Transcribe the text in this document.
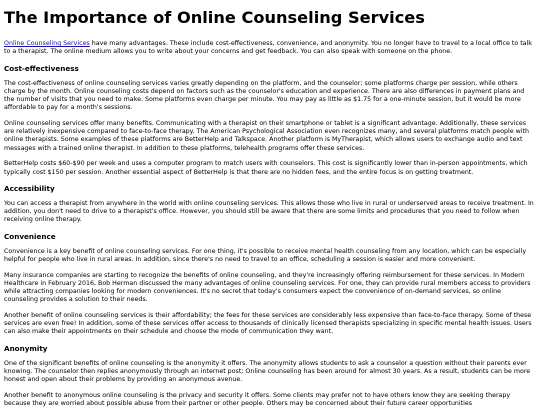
The Importance of Online Counseling Services

Online Counseling Services have many advantages. These include cost-effectiveness, convenience, and anonymity. You no longer have to travel to a local office to talk to a therapist. The online medium allows you to write about your concerns and get feedback. You can also speak with someone on the phone.

Cost-effectiveness

The cost-effectiveness of online counseling services varies greatly depending on the platform, and the counselor; some platforms charge per session, while others charge by the month. Online counseling costs depend on factors such as the counselor's education and experience. There are also differences in payment plans and the number of visits that you need to make. Some platforms even charge per minute. You may pay as little as $1.75 for a one-minute session, but it would be more affordable to pay for a month's sessions.

Online counseling services offer many benefits. Communicating with a therapist on their smartphone or tablet is a significant advantage. Additionally, these services are relatively inexpensive compared to face-to-face therapy. The American Psychological Association even recognizes many, and several platforms match people with online therapists. Some examples of these platforms are BetterHelp and Talkspace. Another platform is MyTherapist, which allows users to exchange audio and text messages with a trained online therapist. In addition to these platforms, telehealth programs offer these services.

BetterHelp costs $60-$90 per week and uses a computer program to match users with counselors. This cost is significantly lower than in-person appointments, which typically cost $150 per session. Another essential aspect of BetterHelp is that there are no hidden fees, and the entire focus is on getting treatment.

Accessibility

You can access a therapist from anywhere in the world with online counseling services. This allows those who live in rural or underserved areas to receive treatment. In addition, you don't need to drive to a therapist's office. However, you should still be aware that there are some limits and procedures that you need to follow when receiving online therapy.

Convenience

Convenience is a key benefit of online counseling services. For one thing, it's possible to receive mental health counseling from any location, which can be especially helpful for people who live in rural areas. In addition, since there's no need to travel to an office, scheduling a session is easier and more convenient.

Many insurance companies are starting to recognize the benefits of online counseling, and they're increasingly offering reimbursement for these services. In Modern Healthcare in February 2016, Bob Herman discussed the many advantages of online counseling services. For one, they can provide rural members access to providers while attracting companies looking for modern conveniences. It's no secret that today's consumers expect the convenience of on-demand services, so online counseling provides a solution to their needs.

Another benefit of online counseling services is their affordability; the fees for these services are considerably less expensive than face-to-face therapy. Some of these services are even free! In addition, some of these services offer access to thousands of clinically licensed therapists specializing in specific mental health issues. Users can also make their appointments on their schedule and choose the mode of communication they want.

Anonymity

One of the significant benefits of online counseling is the anonymity it offers. The anonymity allows students to ask a counselor a question without their parents ever knowing. The counselor then replies anonymously through an internet post; Online counseling has been around for almost 30 years. As a result, students can be more honest and open about their problems by providing an anonymous avenue.

Another benefit to anonymous online counseling is the privacy and security it offers. Some clients may prefer not to have others know they are seeking therapy because they are worried about possible abuse from their partner or other people. Others may be concerned about their future career opportunities
